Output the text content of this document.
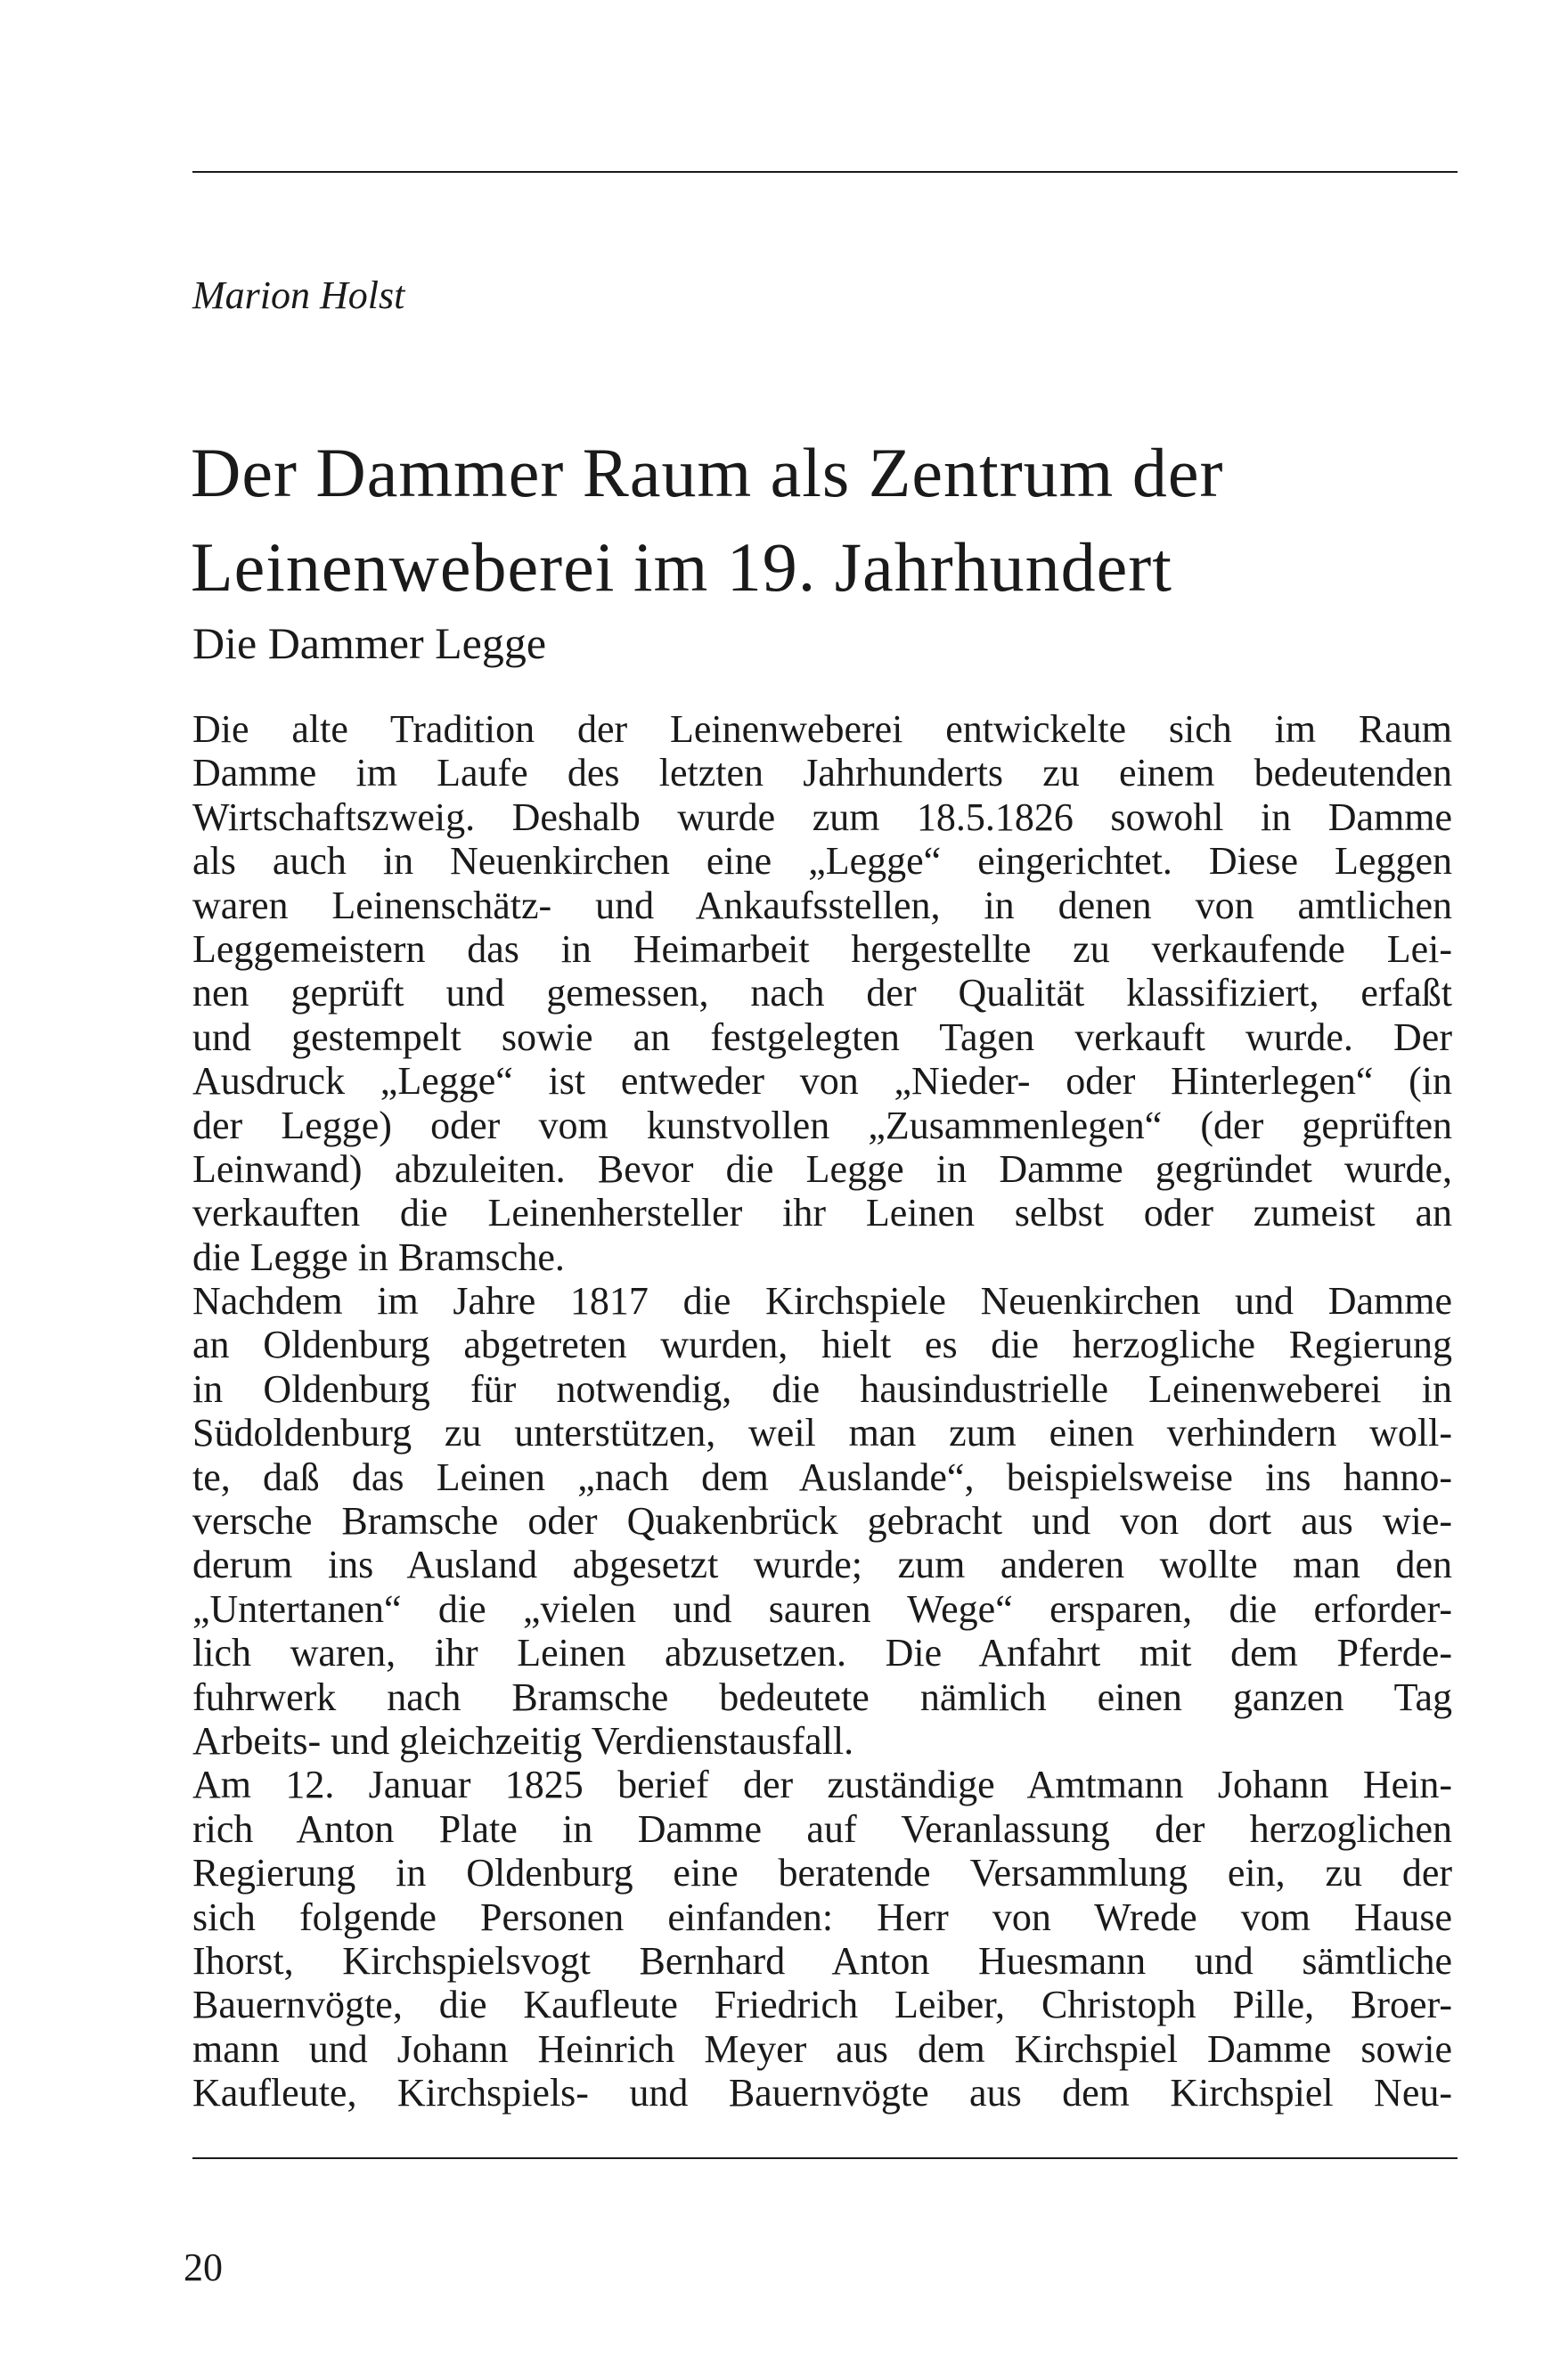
Marion Holst
Der Dammer Raum als Zentrum der
Leinenweberei im 19. Jahrhundert
Die Dammer Legge
Die alte Tradition der Leinenweberei entwickelte sich im Raum
Damme im Laufe des letzten Jahrhunderts zu einem bedeutenden
Wirtschaftszweig. Deshalb wurde zum 18.5.1826 sowohl in Damme
als auch in Neuenkirchen eine „Legge“ eingerichtet. Diese Leggen
waren Leinenschätz- und Ankaufsstellen, in denen von amtlichen
Leggemeistern das in Heimarbeit hergestellte zu verkaufende Lei-
nen geprüft und gemessen, nach der Qualität klassifiziert, erfaßt
und gestempelt sowie an festgelegten Tagen verkauft wurde. Der
Ausdruck „Legge“ ist entweder von „Nieder- oder Hinterlegen“ (in
der Legge) oder vom kunstvollen „Zusammenlegen“ (der geprüften
Leinwand) abzuleiten. Bevor die Legge in Damme gegründet wurde,
verkauften die Leinenhersteller ihr Leinen selbst oder zumeist an
die Legge in Bramsche.
Nachdem im Jahre 1817 die Kirchspiele Neuenkirchen und Damme
an Oldenburg abgetreten wurden, hielt es die herzogliche Regierung
in Oldenburg für notwendig, die hausindustrielle Leinenweberei in
Südoldenburg zu unterstützen, weil man zum einen verhindern woll-
te, daß das Leinen „nach dem Auslande“, beispielsweise ins hanno-
versche Bramsche oder Quakenbrück gebracht und von dort aus wie-
derum ins Ausland abgesetzt wurde; zum anderen wollte man den
„Untertanen“ die „vielen und sauren Wege“ ersparen, die erforder-
lich waren, ihr Leinen abzusetzen. Die Anfahrt mit dem Pferde-
fuhrwerk nach Bramsche bedeutete nämlich einen ganzen Tag
Arbeits- und gleichzeitig Verdienstausfall.
Am 12. Januar 1825 berief der zuständige Amtmann Johann Hein-
rich Anton Plate in Damme auf Veranlassung der herzoglichen
Regierung in Oldenburg eine beratende Versammlung ein, zu der
sich folgende Personen einfanden: Herr von Wrede vom Hause
Ihorst, Kirchspielsvogt Bernhard Anton Huesmann und sämtliche
Bauernvögte, die Kaufleute Friedrich Leiber, Christoph Pille, Broer-
mann und Johann Heinrich Meyer aus dem Kirchspiel Damme sowie
Kaufleute, Kirchspiels- und Bauernvögte aus dem Kirchspiel Neu-
20
